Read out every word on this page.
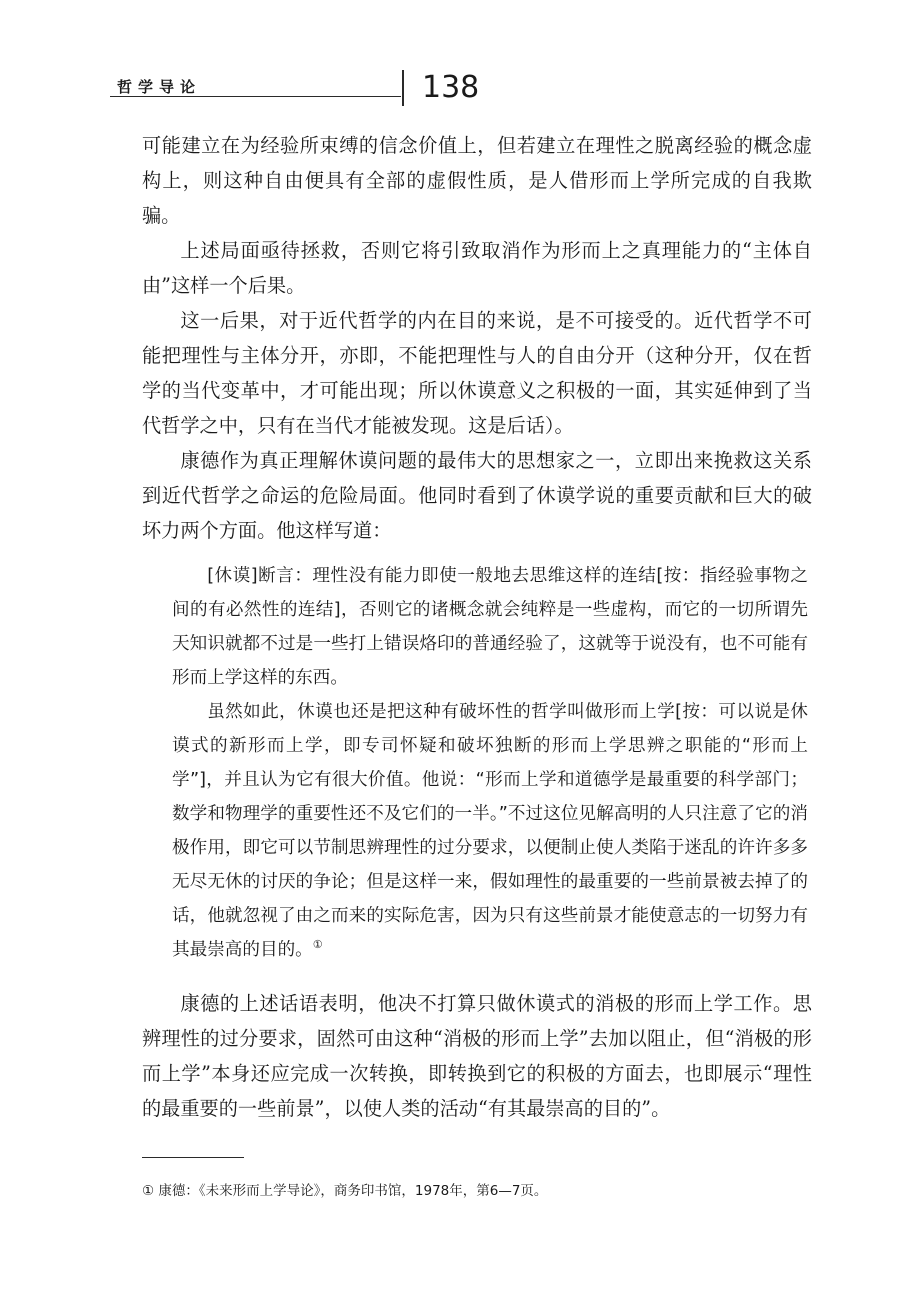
哲学导论	138

可能建立在为经验所束缚的信念价值上，但若建立在理性之脱离经验的概念虚构上，则这种自由便具有全部的虚假性质，是人借形而上学所完成的自我欺骗。

上述局面亟待拯救，否则它将引致取消作为形而上之真理能力的“主体自由”这样一个后果。

这一后果，对于近代哲学的内在目的来说，是不可接受的。近代哲学不可能把理性与主体分开，亦即，不能把理性与人的自由分开（这种分开，仅在哲学的当代变革中，才可能出现；所以休谟意义之积极的一面，其实延伸到了当代哲学之中，只有在当代才能被发现。这是后话）。

康德作为真正理解休谟问题的最伟大的思想家之一，立即出来挽救这关系到近代哲学之命运的危险局面。他同时看到了休谟学说的重要贡献和巨大的破坏力两个方面。他这样写道：

[休谟]断言：理性没有能力即使一般地去思维这样的连结[按：指经验事物之间的有必然性的连结]，否则它的诸概念就会纯粹是一些虚构，而它的一切所谓先天知识就都不过是一些打上错误烙印的普通经验了，这就等于说没有，也不可能有形而上学这样的东西。

虽然如此，休谟也还是把这种有破坏性的哲学叫做形而上学[按：可以说是休谟式的新形而上学，即专司怀疑和破坏独断的形而上学思辨之职能的“形而上学”]，并且认为它有很大价值。他说：“形而上学和道德学是最重要的科学部门；数学和物理学的重要性还不及它们的一半。”不过这位见解高明的人只注意了它的消极作用，即它可以节制思辨理性的过分要求，以便制止使人类陷于迷乱的许许多多无尽无休的讨厌的争论；但是这样一来，假如理性的最重要的一些前景被去掉了的话，他就忽视了由之而来的实际危害，因为只有这些前景才能使意志的一切努力有其最崇高的目的。①

康德的上述话语表明，他决不打算只做休谟式的消极的形而上学工作。思辨理性的过分要求，固然可由这种“消极的形而上学”去加以阻止，但“消极的形而上学”本身还应完成一次转换，即转换到它的积极的方面去，也即展示“理性的最重要的一些前景”，以使人类的活动“有其最崇高的目的”。

① 康德：《未来形而上学导论》，商务印书馆，1978年，第6—7页。
